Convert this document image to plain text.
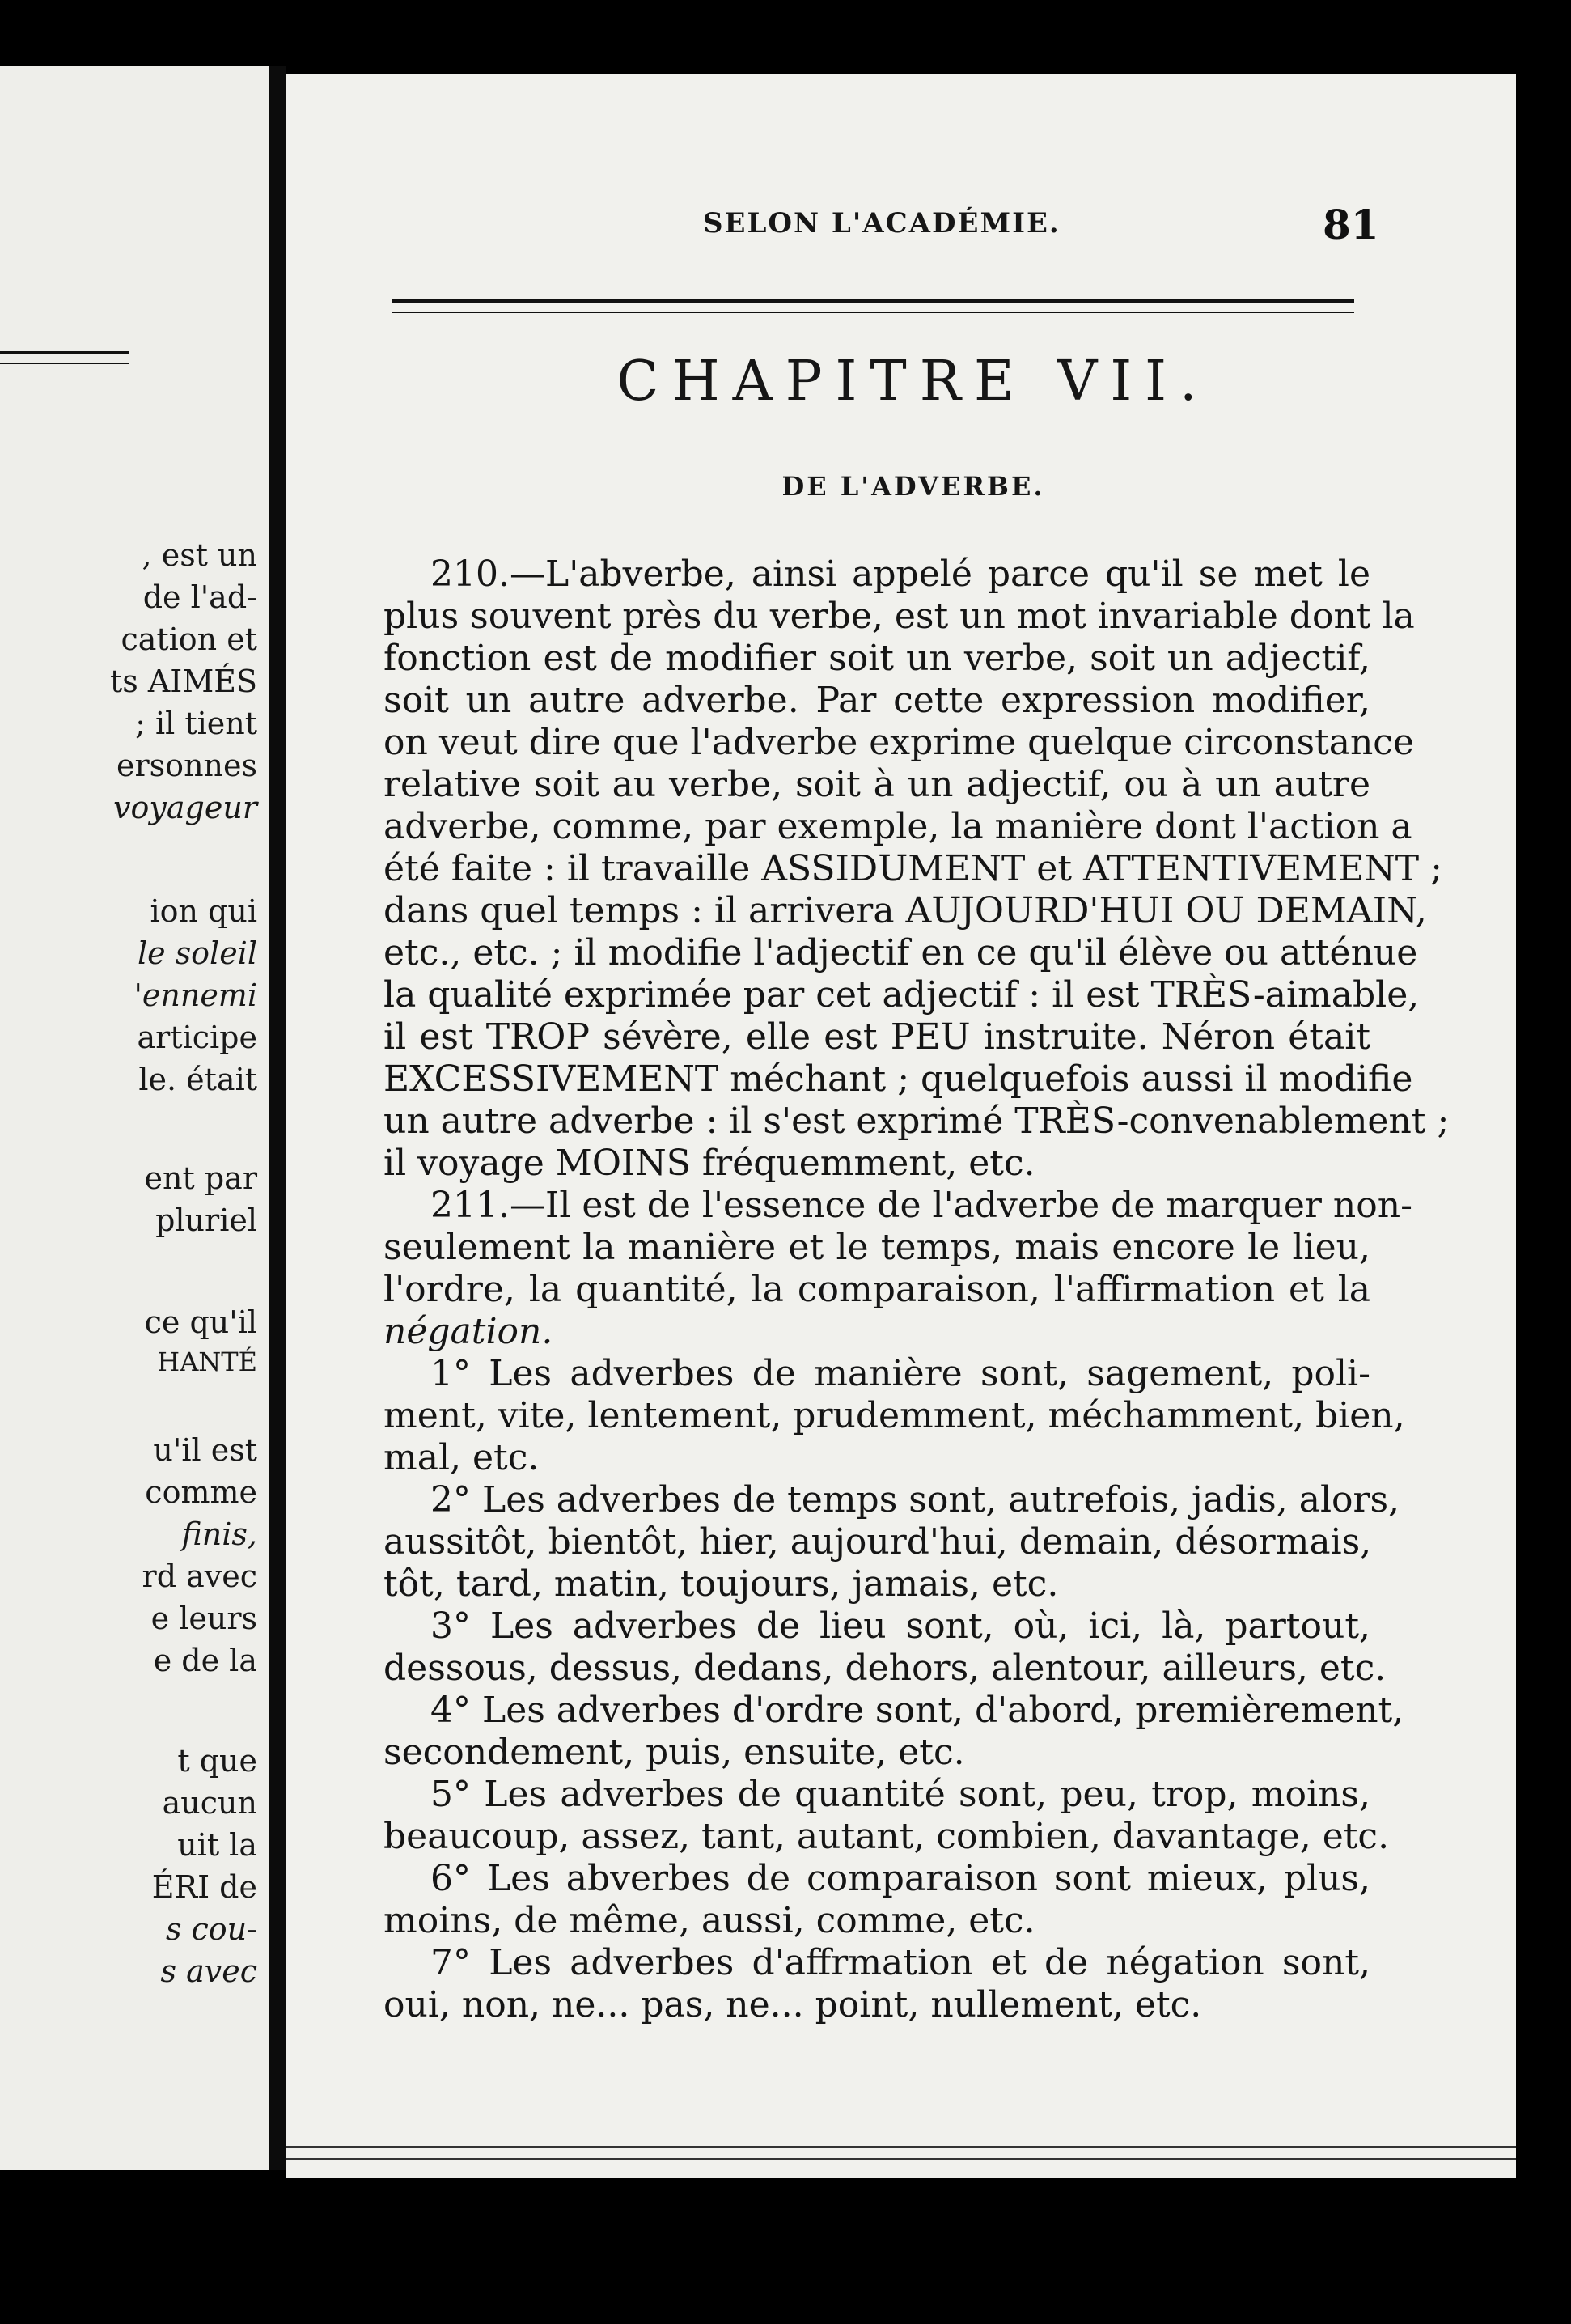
, est un
de l'ad-
cation et
ts AIMÉS
; il tient
ersonnes
voyageur
ion qui
le soleil
'ennemi
articipe
le. était
ent par
pluriel
ce qu'il
HANTÉ
u'il est
comme
finis,
rd avec
e leurs
e de la
t que
aucun
uit la
ÉRI de
s cou-
s avec
SELON L'ACADÉMIE.	81
CHAPITRE VII.
DE L'ADVERBE.
210.—L'abverbe, ainsi appelé parce qu'il se met le
plus souvent près du verbe, est un mot invariable dont la
fonction est de modifier soit un verbe, soit un adjectif,
soit un autre adverbe. Par cette expression modifier,
on veut dire que l'adverbe exprime quelque circonstance
relative soit au verbe, soit à un adjectif, ou à un autre
adverbe, comme, par exemple, la manière dont l'action a
été faite : il travaille ASSIDUMENT et ATTENTIVEMENT ;
dans quel temps : il arrivera AUJOURD'HUI OU DEMAIN,
etc., etc. ; il modifie l'adjectif en ce qu'il élève ou atténue
la qualité exprimée par cet adjectif : il est TRÈS-aimable,
il est TROP sévère, elle est PEU instruite. Néron était
EXCESSIVEMENT méchant ; quelquefois aussi il modifie
un autre adverbe : il s'est exprimé TRÈS-convenablement ;
il voyage MOINS fréquemment, etc.
211.—Il est de l'essence de l'adverbe de marquer non-
seulement la manière et le temps, mais encore le lieu,
l'ordre, la quantité, la comparaison, l'affirmation et la
négation.
1° Les adverbes de manière sont, sagement, poli-
ment, vite, lentement, prudemment, méchamment, bien,
mal, etc.
2° Les adverbes de temps sont, autrefois, jadis, alors,
aussitôt, bientôt, hier, aujourd'hui, demain, désormais,
tôt, tard, matin, toujours, jamais, etc.
3° Les adverbes de lieu sont, où, ici, là, partout,
dessous, dessus, dedans, dehors, alentour, ailleurs, etc.
4° Les adverbes d'ordre sont, d'abord, premièrement,
secondement, puis, ensuite, etc.
5° Les adverbes de quantité sont, peu, trop, moins,
beaucoup, assez, tant, autant, combien, davantage, etc.
6° Les abverbes de comparaison sont mieux, plus,
moins, de même, aussi, comme, etc.
7° Les adverbes d'affrmation et de négation sont,
oui, non, ne... pas, ne... point, nullement, etc.
